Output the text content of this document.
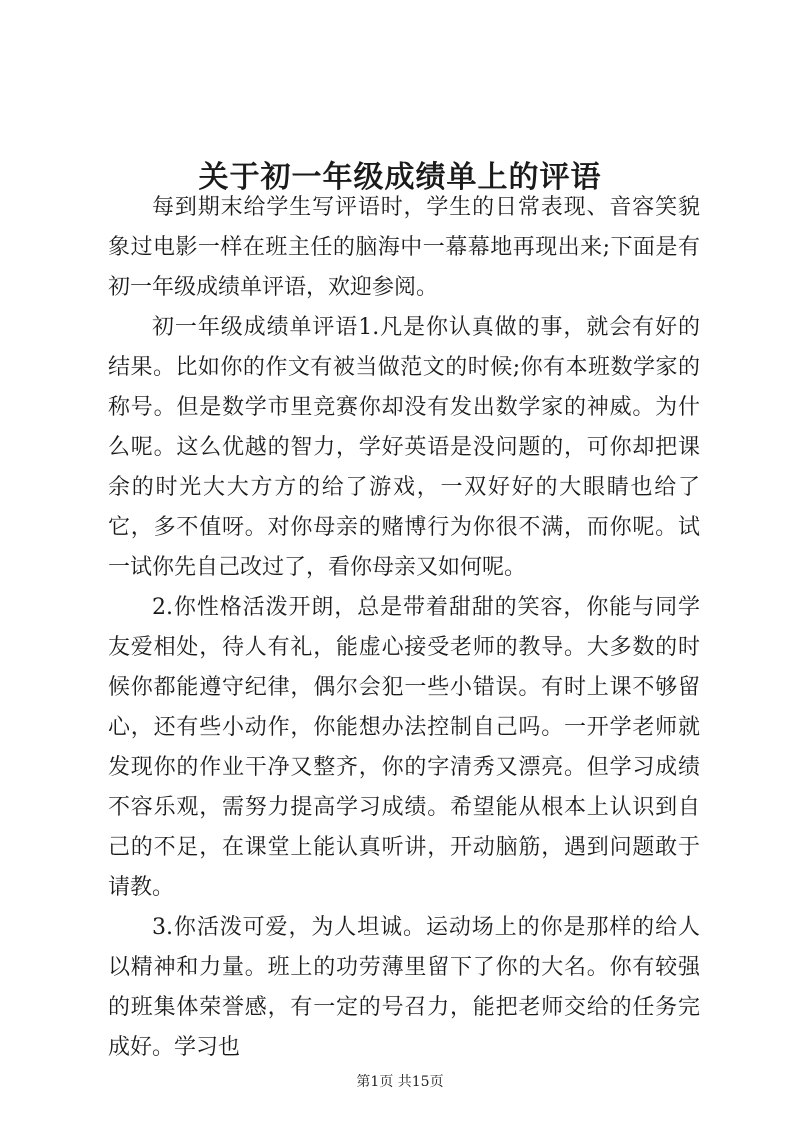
关于初一年级成绩单上的评语

每到期末给学生写评语时，学生的日常表现、音容笑貌象过电影一样在班主任的脑海中一幕幕地再现出来;下面是有初一年级成绩单评语，欢迎参阅。

初一年级成绩单评语1.凡是你认真做的事，就会有好的结果。比如你的作文有被当做范文的时候;你有本班数学家的称号。但是数学市里竞赛你却没有发出数学家的神威。为什么呢。这么优越的智力，学好英语是没问题的，可你却把课余的时光大大方方的给了游戏，一双好好的大眼睛也给了它，多不值呀。对你母亲的赌博行为你很不满，而你呢。试一试你先自己改过了，看你母亲又如何呢。

2.你性格活泼开朗，总是带着甜甜的笑容，你能与同学友爱相处，待人有礼，能虚心接受老师的教导。大多数的时候你都能遵守纪律，偶尔会犯一些小错误。有时上课不够留心，还有些小动作，你能想办法控制自己吗。一开学老师就发现你的作业干净又整齐，你的字清秀又漂亮。但学习成绩不容乐观，需努力提高学习成绩。希望能从根本上认识到自己的不足，在课堂上能认真听讲，开动脑筋，遇到问题敢于请教。

3.你活泼可爱，为人坦诚。运动场上的你是那样的给人以精神和力量。班上的功劳薄里留下了你的大名。你有较强的班集体荣誉感，有一定的号召力，能把老师交给的任务完成好。学习也

第1页 共15页
